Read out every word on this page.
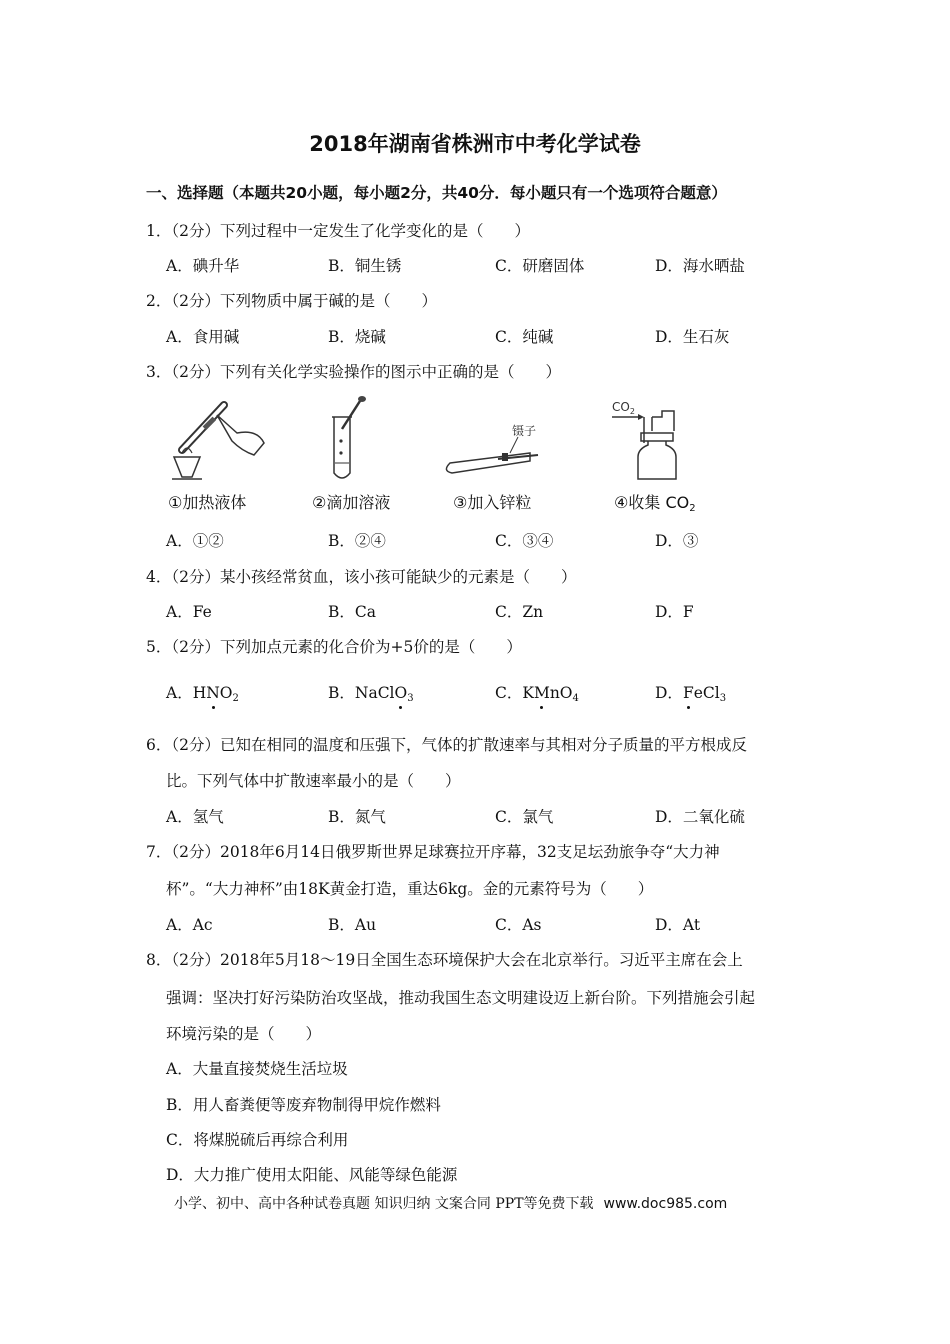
2018年湖南省株洲市中考化学试卷
一、选择题（本题共20小题，每小题2分，共40分．每小题只有一个选项符合题意）
1．（2分）下列过程中一定发生了化学变化的是（　　）
A．碘升华	B．铜生锈	C．研磨固体	D．海水晒盐
2．（2分）下列物质中属于碱的是（　　）
A．食用碱	B．烧碱	C．纯碱	D．生石灰
3．（2分）下列有关化学实验操作的图示中正确的是（　　）
①加热液体	②滴加溶液
镊子
③加入锌粒
$CO_2$
④收集 $CO_2$
A．①②	B．②④	C．③④	D．③
4．（2分）某小孩经常贫血，该小孩可能缺少的元素是（　　）
A．Fe	B．Ca	C．Zn	D．F
5．（2分）下列加点元素的化合价为+5价的是（　　）
A．$HNO_2$	B．NaClO$_3$	C．KMnO$_4$	D．FeCl$_3$
6．（2分）已知在相同的温度和压强下，气体的扩散速率与其相对分子质量的平方根成反
比。下列气体中扩散速率最小的是（　　）
A．氢气	B．氮气	C．氯气	D．二氧化硫
7．（2分）2018年6月14日俄罗斯世界足球赛拉开序幕，32支足坛劲旅争夺“大力神
杯”。“大力神杯”由18K黄金打造，重达6kg。金的元素符号为（　　）
A．Ac	B．Au	C．As	D．At
8．（2分）2018年5月18～19日全国生态环境保护大会在北京举行。习近平主席在会上
强调：坚决打好污染防治攻坚战，推动我国生态文明建设迈上新台阶。下列措施会引起
环境污染的是（　　）
A．大量直接焚烧生活垃圾
B．用人畜粪便等废弃物制得甲烷作燃料
C．将煤脱硫后再综合利用
D．大力推广使用太阳能、风能等绿色能源
小学、初中、高中各种试卷真题 知识归纳 文案合同 PPT等免费下载 www.doc985.com
